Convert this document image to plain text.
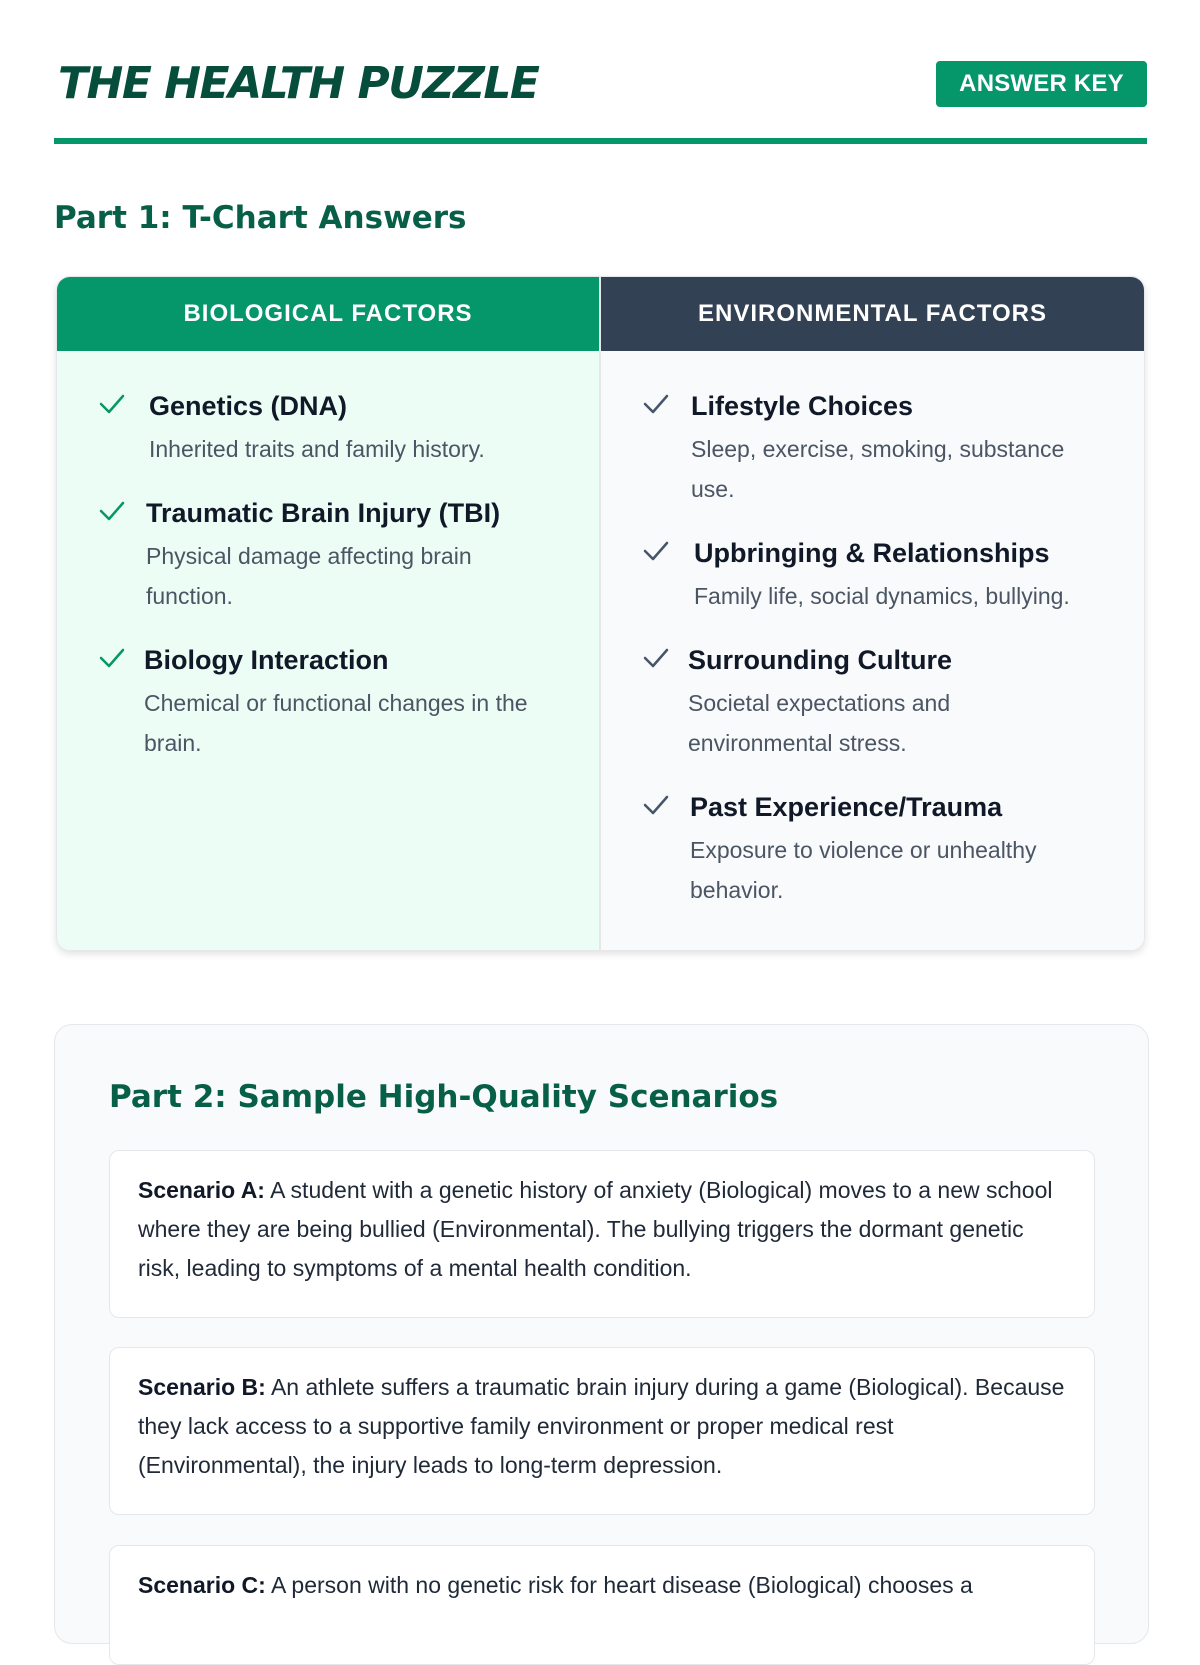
THE HEALTH PUZZLE	ANSWER KEY
Part 1: T-Chart Answers
BIOLOGICAL FACTORS
Genetics (DNA)
Inherited traits and family history.
Traumatic Brain Injury (TBI)
Physical damage affecting brain function.
Biology Interaction
Chemical or functional changes in the brain.
ENVIRONMENTAL FACTORS
Lifestyle Choices
Sleep, exercise, smoking, substance use.
Upbringing & Relationships
Family life, social dynamics, bullying.
Surrounding Culture
Societal expectations and environmental stress.
Past Experience/Trauma
Exposure to violence or unhealthy behavior.
Part 2: Sample High-Quality Scenarios
Scenario A: A student with a genetic history of anxiety (Biological) moves to a new school where they are being bullied (Environmental). The bullying triggers the dormant genetic risk, leading to symptoms of a mental health condition.
Scenario B: An athlete suffers a traumatic brain injury during a game (Biological). Because they lack access to a supportive family environment or proper medical rest (Environmental), the injury leads to long-term depression.
Scenario C: A person with no genetic risk for heart disease (Biological) chooses a
